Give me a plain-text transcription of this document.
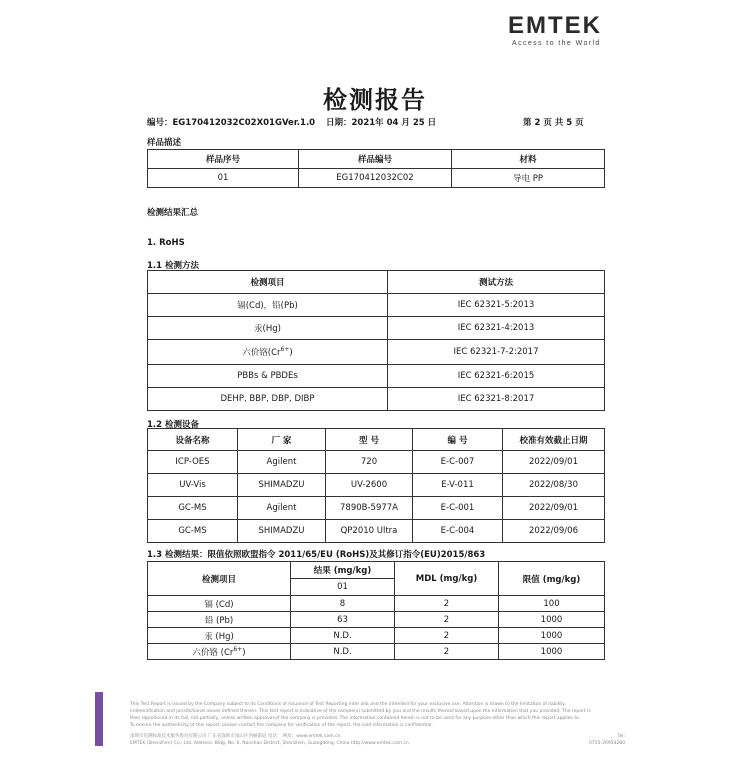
EMTEK
Access to the World
检测报告
编号：EG170412032C02X01GVer.1.0 日期：2021年 04 月 25 日	第 2 页 共 5 页
样品描述
样品序号	样品编号	材料
01	EG170412032C02	导电 PP
检测结果汇总
1. RoHS
1.1 检测方法
检测项目	测试方法
镉(Cd)，铅(Pb)	IEC 62321-5:2013
汞(Hg)	IEC 62321-4:2013
六价铬$(Cr^{6+})$	IEC 62321-7-2:2017
PBBs & PBDEs	IEC 62321-6:2015
DEHP, BBP, DBP, DIBP	IEC 62321-8:2017
1.2 检测设备
设备名称	厂 家	型 号	编 号	校准有效截止日期
ICP-OES	Agilent	720	E-C-007	2022/09/01
UV-Vis	SHIMADZU	UV-2600	E-V-011	2022/08/30
GC-MS	Agilent	7890B-5977A	E-C-001	2022/09/01
GC-MS	SHIMADZU	QP2010 Ultra	E-C-004	2022/09/06
1.3 检测结果：限值依照欧盟指令 2011/65/EU (RoHS)及其修订指令(EU)2015/863
检测项目	结果 (mg/kg)	MDL (mg/kg)	限值 (mg/kg)
	01		
镉 (Cd)	8	2	100
铅 (Pb)	63	2	1000
汞 (Hg)	N.D.	2	1000
六价铬 $(Cr^{6+})$	N.D.	2	1000
This Test Report is issued by the Company subject to its Conditions of Issuance of Test Reporting inter alia and the intended for your exclusive use. Attention is drawn to the limitation of liability,
indemnification and jurisdictional issues defined therein. This test report is indicative of the sample(s) submitted by you and the results thereof based upon the information that you provided. The report is
then reproduced in its full, not partially, unless written approval of the company is provided. The information contained herein is not to be used for any purpose other than which this report applies to.
To ensure the authenticity of this report, please contact the company for verification of the report, the said information is confidential.
深圳市信测标准技术服务股份有限公司 广东省深圳市南山区西丽街道 电话： 网址：www.emtek.com.cn
EMTEK (Shenzhen) Co., Ltd. Address: Bldg, No. 6, Nanshan District, Shenzhen, Guangdong, China http://www.emtek.com.cn
Tel:
0755-26954280
